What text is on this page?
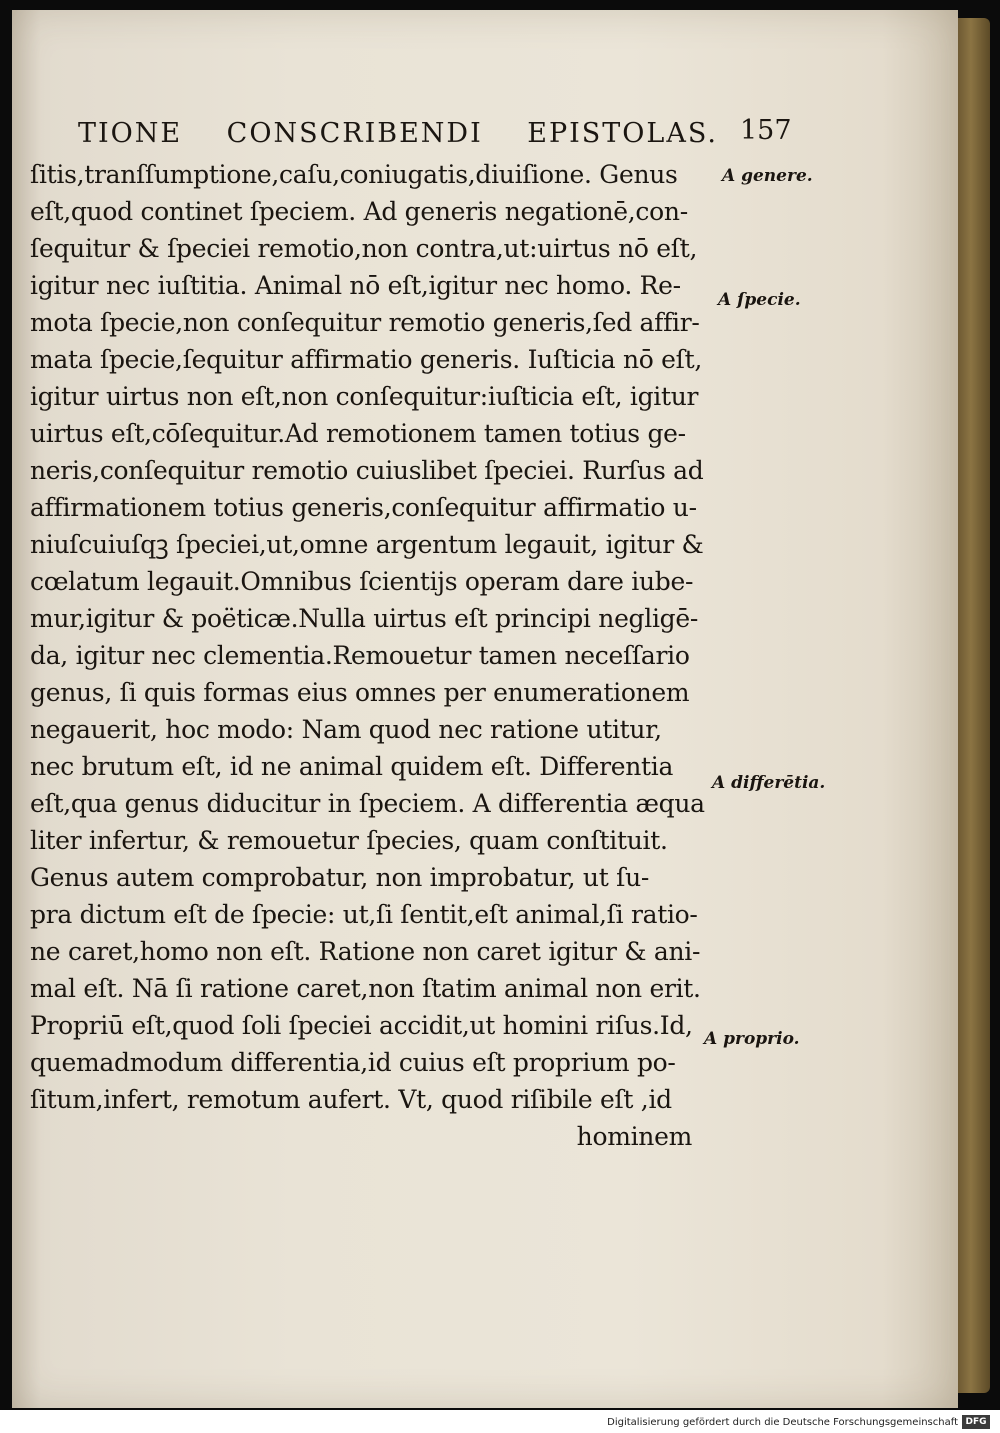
TIONE CONSCRIBENDI EPISTOLAS. 157
ſitis,tranſſumptione,caſu,coniugatis,diuiſione. Genus
eſt,quod continet ſpeciem. Ad generis negationē,con-
ſequitur & ſpeciei remotio,non contra,ut:uirtus nō eſt,
igitur nec iuſtitia. Animal nō eſt,igitur nec homo. Re-
mota ſpecie,non conſequitur remotio generis,ſed affir-
mata ſpecie,ſequitur affirmatio generis. Iuſticia nō eſt,
igitur uirtus non eſt,non conſequitur:iuſticia eſt, igitur
uirtus eſt,cōſequitur.Ad remotionem tamen totius ge-
neris,conſequitur remotio cuiuslibet ſpeciei. Rurſus ad
affirmationem totius generis,conſequitur affirmatio u-
niuſcuiuſqꝫ ſpeciei,ut,omne argentum legauit, igitur &
cœlatum legauit.Omnibus ſcientijs operam dare iube-
mur,igitur & poëticæ.Nulla uirtus eſt principi negligē-
da, igitur nec clementia.Remouetur tamen neceſſario
genus, ſi quis formas eius omnes per enumerationem
negauerit, hoc modo: Nam quod nec ratione utitur,
nec brutum eſt, id ne animal quidem eſt. Differentia
eſt,qua genus diducitur in ſpeciem. A differentia æqua
liter infertur, & remouetur ſpecies, quam conſtituit.
Genus autem comprobatur, non improbatur, ut ſu-
pra dictum eſt de ſpecie: ut,ſi ſentit,eſt animal,ſi ratio-
ne caret,homo non eſt. Ratione non caret igitur & ani-
mal eſt. Nā ſi ratione caret,non ſtatim animal non erit.
Propriū eſt,quod ſoli ſpeciei accidit,ut homini riſus.Id,
quemadmodum differentia,id cuius eſt proprium po-
ſitum,infert, remotum aufert. Vt, quod riſibile eſt ,id
hominem
A genere.
A ſpecie.
A differētia.
A proprio.
Digitalisierung gefördert durch die Deutsche Forschungsgemeinschaft DFG
